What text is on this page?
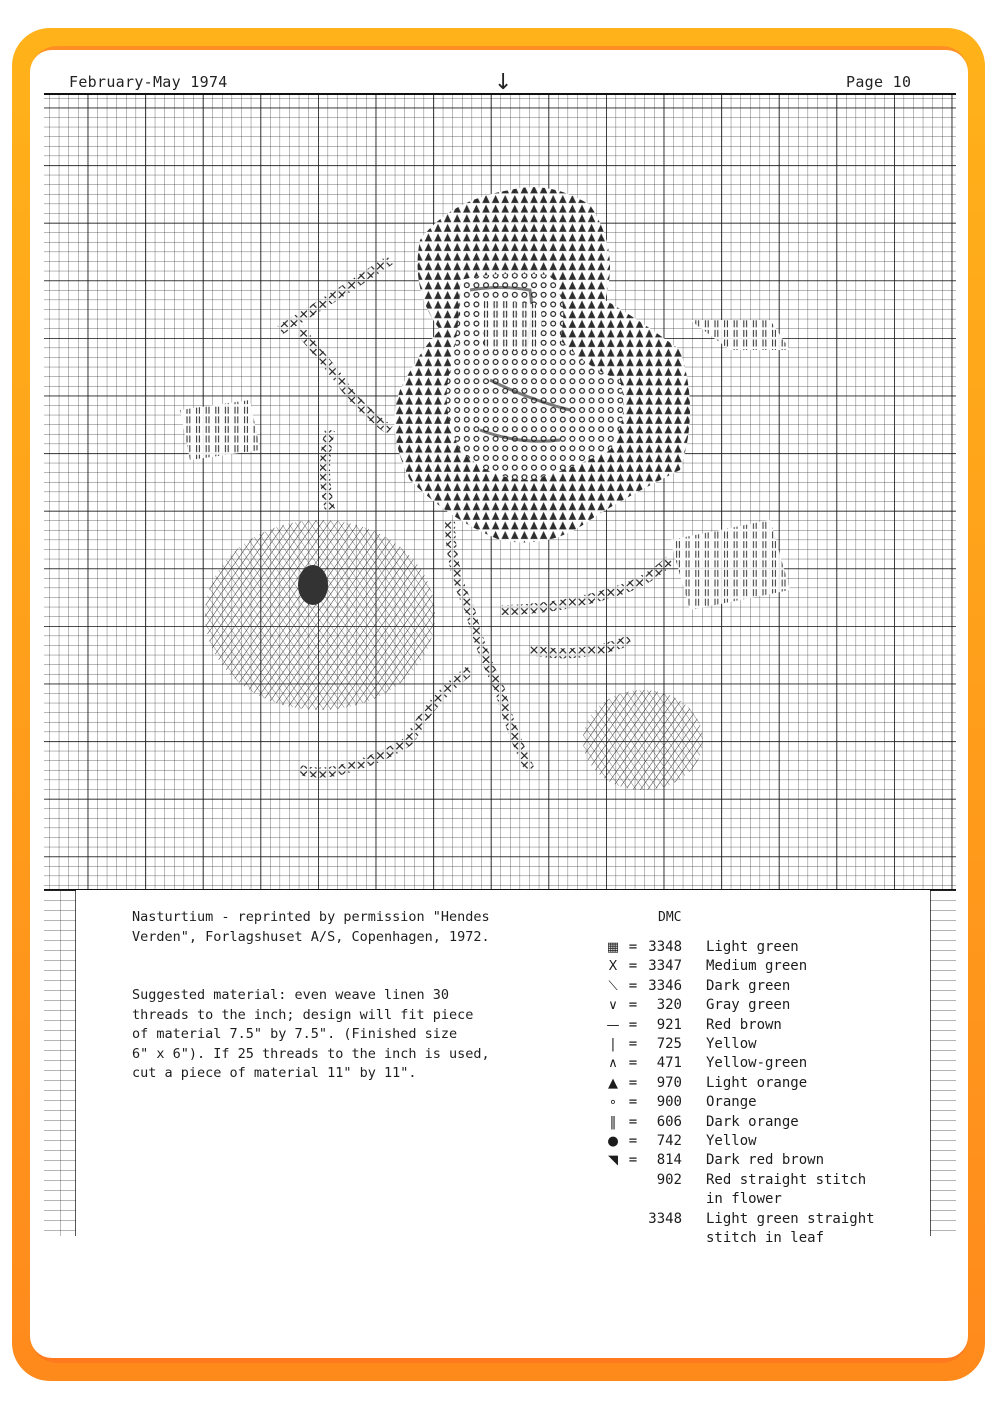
February-May 1974	↓	Page 10
Nasturtium - reprinted by permission "Hendes
Verden", Forlagshuset A/S, Copenhagen, 1972.
Suggested material: even weave linen 30
threads to the inch; design will fit piece
of material 7.5" by 7.5". (Finished size
6" x 6"). If 25 threads to the inch is used,
cut a piece of material 11" by 11".
DMC
▦ = 3348	Light green
X = 3347	Medium green
⟍ = 3346	Dark green
∨ =	320	Gray green
— =	921	Red brown
| =	725	Yellow
∧ =	471	Yellow-green
▲ =	970	Light orange
∘ =	900	Orange
‖ =	606	Dark orange
● =	742	Yellow
◥ =	814	Dark red brown
902	Red straight stitch
in flower
3348	Light green straight
stitch in leaf
